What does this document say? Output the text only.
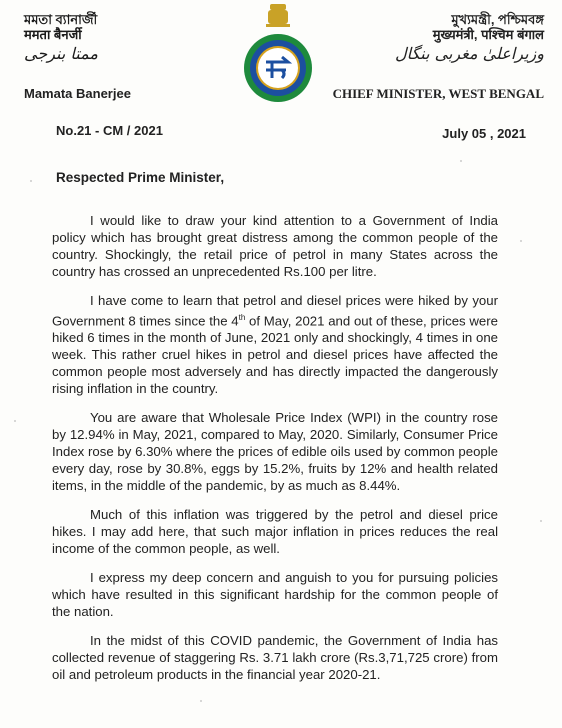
মমতা ব্যানার্জী
ममता बैनर्जी
ممتا بنرجی
Mamata Banerjee
মুখ্যমন্ত্রী, পশ্চিমবঙ্গ
मुख्यमंत्री, पश्चिम बंगाल
وزیراعلیٰ مغربی بنگال
CHIEF MINISTER, WEST BENGAL
No.21 - CM / 2021	July 05 , 2021
Respected Prime Minister,

I would like to draw your kind attention to a Government of India policy which has brought great distress among the common people of the country. Shockingly, the retail price of petrol in many States across the country has crossed an unprecedented Rs.100 per litre.

I have come to learn that petrol and diesel prices were hiked by your Government 8 times since the 4th of May, 2021 and out of these, prices were hiked 6 times in the month of June, 2021 only and shockingly, 4 times in one week. This rather cruel hikes in petrol and diesel prices have affected the common people most adversely and has directly impacted the dangerously rising inflation in the country.

You are aware that Wholesale Price Index (WPI) in the country rose by 12.94% in May, 2021, compared to May, 2020. Similarly, Consumer Price Index rose by 6.30% where the prices of edible oils used by common people every day, rose by 30.8%, eggs by 15.2%, fruits by 12% and health related items, in the middle of the pandemic, by as much as 8.44%.

Much of this inflation was triggered by the petrol and diesel price hikes. I may add here, that such major inflation in prices reduces the real income of the common people, as well.

I express my deep concern and anguish to you for pursuing policies which have resulted in this significant hardship for the common people of the nation.

In the midst of this COVID pandemic, the Government of India has collected revenue of staggering Rs. 3.71 lakh crore (Rs.3,71,725 crore) from oil and petroleum products in the financial year 2020-21.
